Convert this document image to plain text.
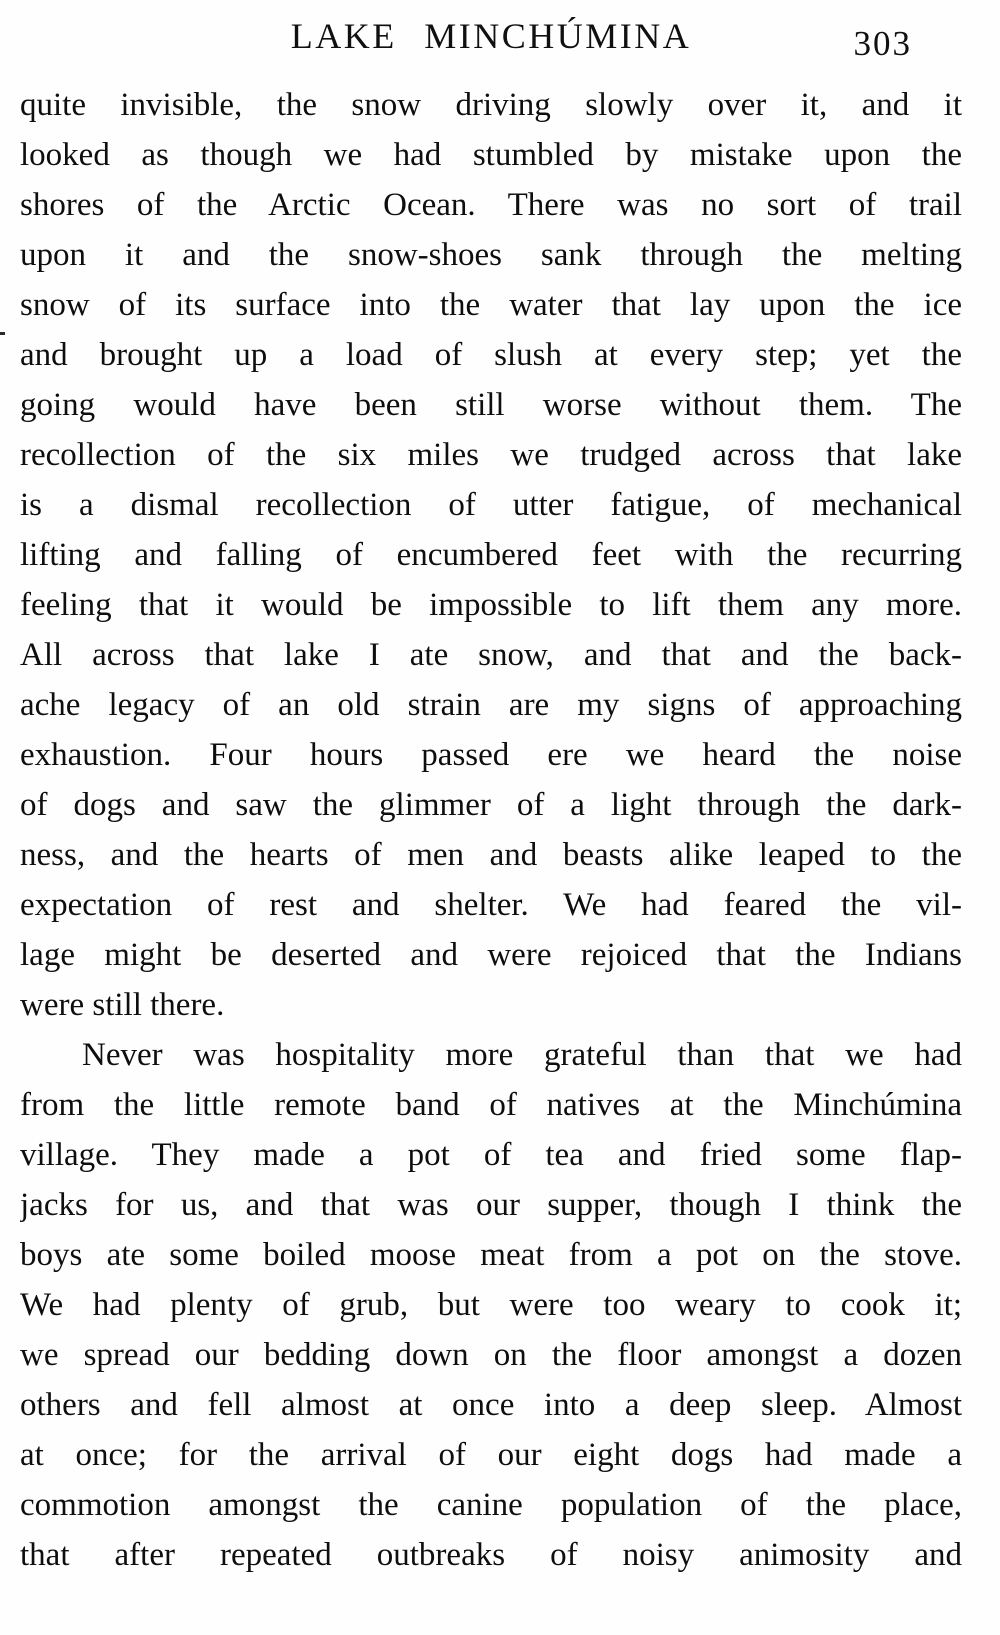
LAKE MINCHÚMINA	303
quite invisible, the snow driving slowly over it, and it
looked as though we had stumbled by mistake upon the
shores of the Arctic Ocean. There was no sort of trail
upon it and the snow-shoes sank through the melting
snow of its surface into the water that lay upon the ice
and brought up a load of slush at every step; yet the
going would have been still worse without them. The
recollection of the six miles we trudged across that lake
is a dismal recollection of utter fatigue, of mechanical
lifting and falling of encumbered feet with the recurring
feeling that it would be impossible to lift them any more.
All across that lake I ate snow, and that and the back-
ache legacy of an old strain are my signs of approaching
exhaustion. Four hours passed ere we heard the noise
of dogs and saw the glimmer of a light through the dark-
ness, and the hearts of men and beasts alike leaped to the
expectation of rest and shelter. We had feared the vil-
lage might be deserted and were rejoiced that the Indians
were still there.
Never was hospitality more grateful than that we had
from the little remote band of natives at the Minchúmina
village. They made a pot of tea and fried some flap-
jacks for us, and that was our supper, though I think the
boys ate some boiled moose meat from a pot on the stove.
We had plenty of grub, but were too weary to cook it;
we spread our bedding down on the floor amongst a dozen
others and fell almost at once into a deep sleep. Almost
at once; for the arrival of our eight dogs had made a
commotion amongst the canine population of the place,
that after repeated outbreaks of noisy animosity and
